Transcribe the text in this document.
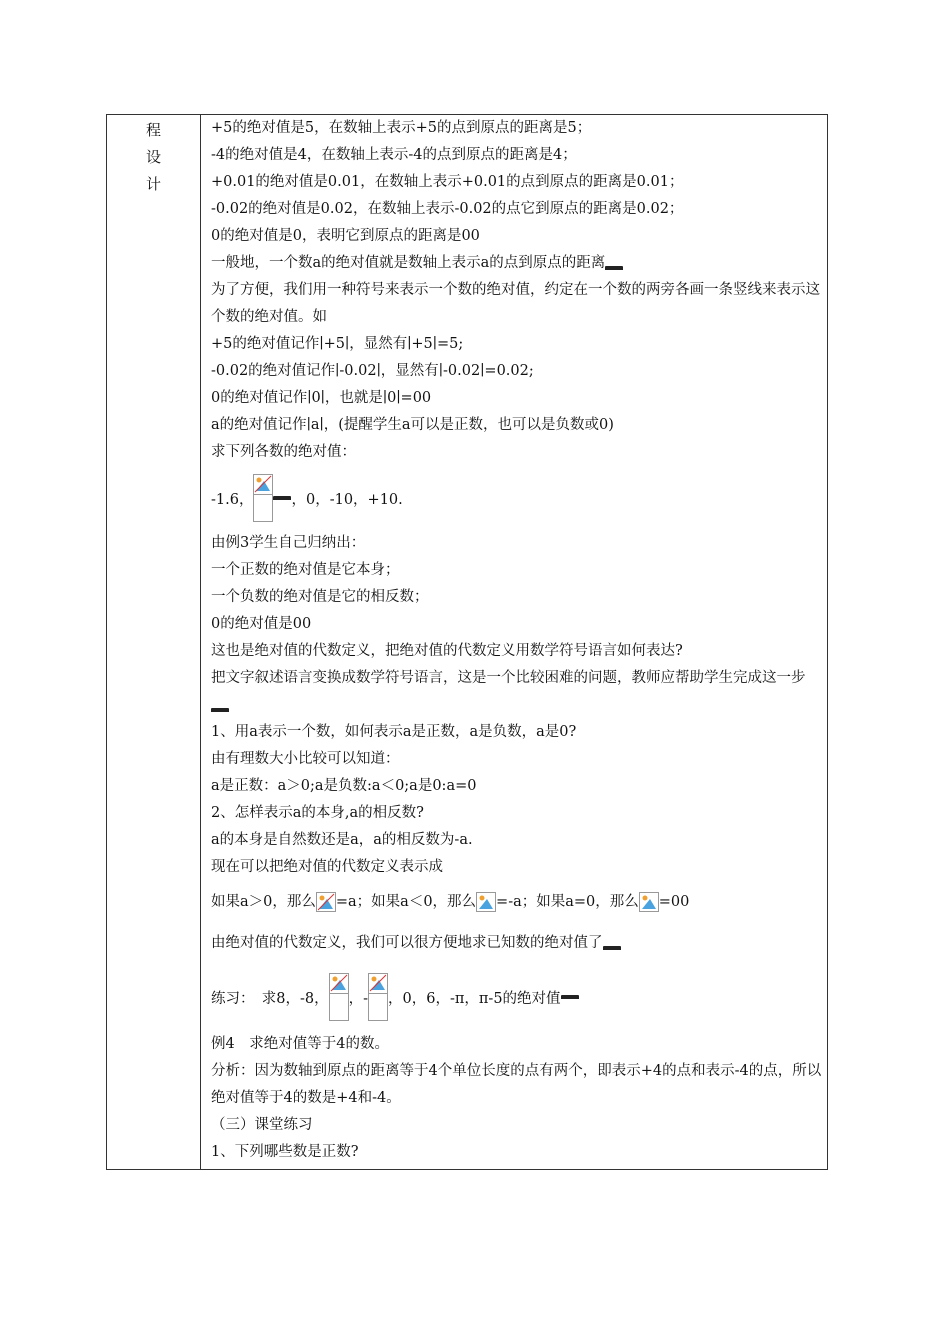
程
设
计
+5的绝对值是5，在数轴上表示+5的点到原点的距离是5；
-4的绝对值是4，在数轴上表示-4的点到原点的距离是4；
+0.01的绝对值是0.01，在数轴上表示+0.01的点到原点的距离是0.01；
-0.02的绝对值是0.02，在数轴上表示-0.02的点它到原点的距离是0.02；
0的绝对值是0，表明它到原点的距离是00
一般地，一个数a的绝对值就是数轴上表示a的点到原点的距离
为了方便，我们用一种符号来表示一个数的绝对值，约定在一个数的两旁各画一条竖线来表示这个数的绝对值。如
+5的绝对值记作∣+5∣，显然有∣+5∣=5;
-0.02的绝对值记作∣-0.02∣，显然有∣-0.02∣=0.02;
0的绝对值记作∣0∣，也就是∣0∣=00
a的绝对值记作∣a∣，(提醒学生a可以是正数，也可以是负数或0)
求下列各数的绝对值：
-1.6，	，0，-10，+10.
由例3学生自己归纳出：
一个正数的绝对值是它本身；
一个负数的绝对值是它的相反数；
0的绝对值是00
这也是绝对值的代数定义，把绝对值的代数定义用数学符号语言如何表达?
把文字叙述语言变换成数学符号语言，这是一个比较困难的问题，教师应帮助学生完成这一步
1、用a表示一个数，如何表示a是正数，a是负数，a是0?
由有理数大小比较可以知道：
a是正数：a＞0;a是负数:a＜0;a是0:a=0
2、怎样表示a的本身,a的相反数?
a的本身是自然数还是a，a的相反数为-a.
现在可以把绝对值的代数定义表示成
如果a＞0，那么 =a；如果a＜0，那么 =-a；如果a=0，那么 =00
由绝对值的代数定义，我们可以很方便地求已知数的绝对值了
练习：　求8，-8， ，- ，0，6，-π，π-5的绝对值
例4　求绝对值等于4的数。
分析：因为数轴到原点的距离等于4个单位长度的点有两个，即表示+4的点和表示-4的点，所以绝对值等于4的数是+4和-4。
（三）课堂练习
1、下列哪些数是正数?
